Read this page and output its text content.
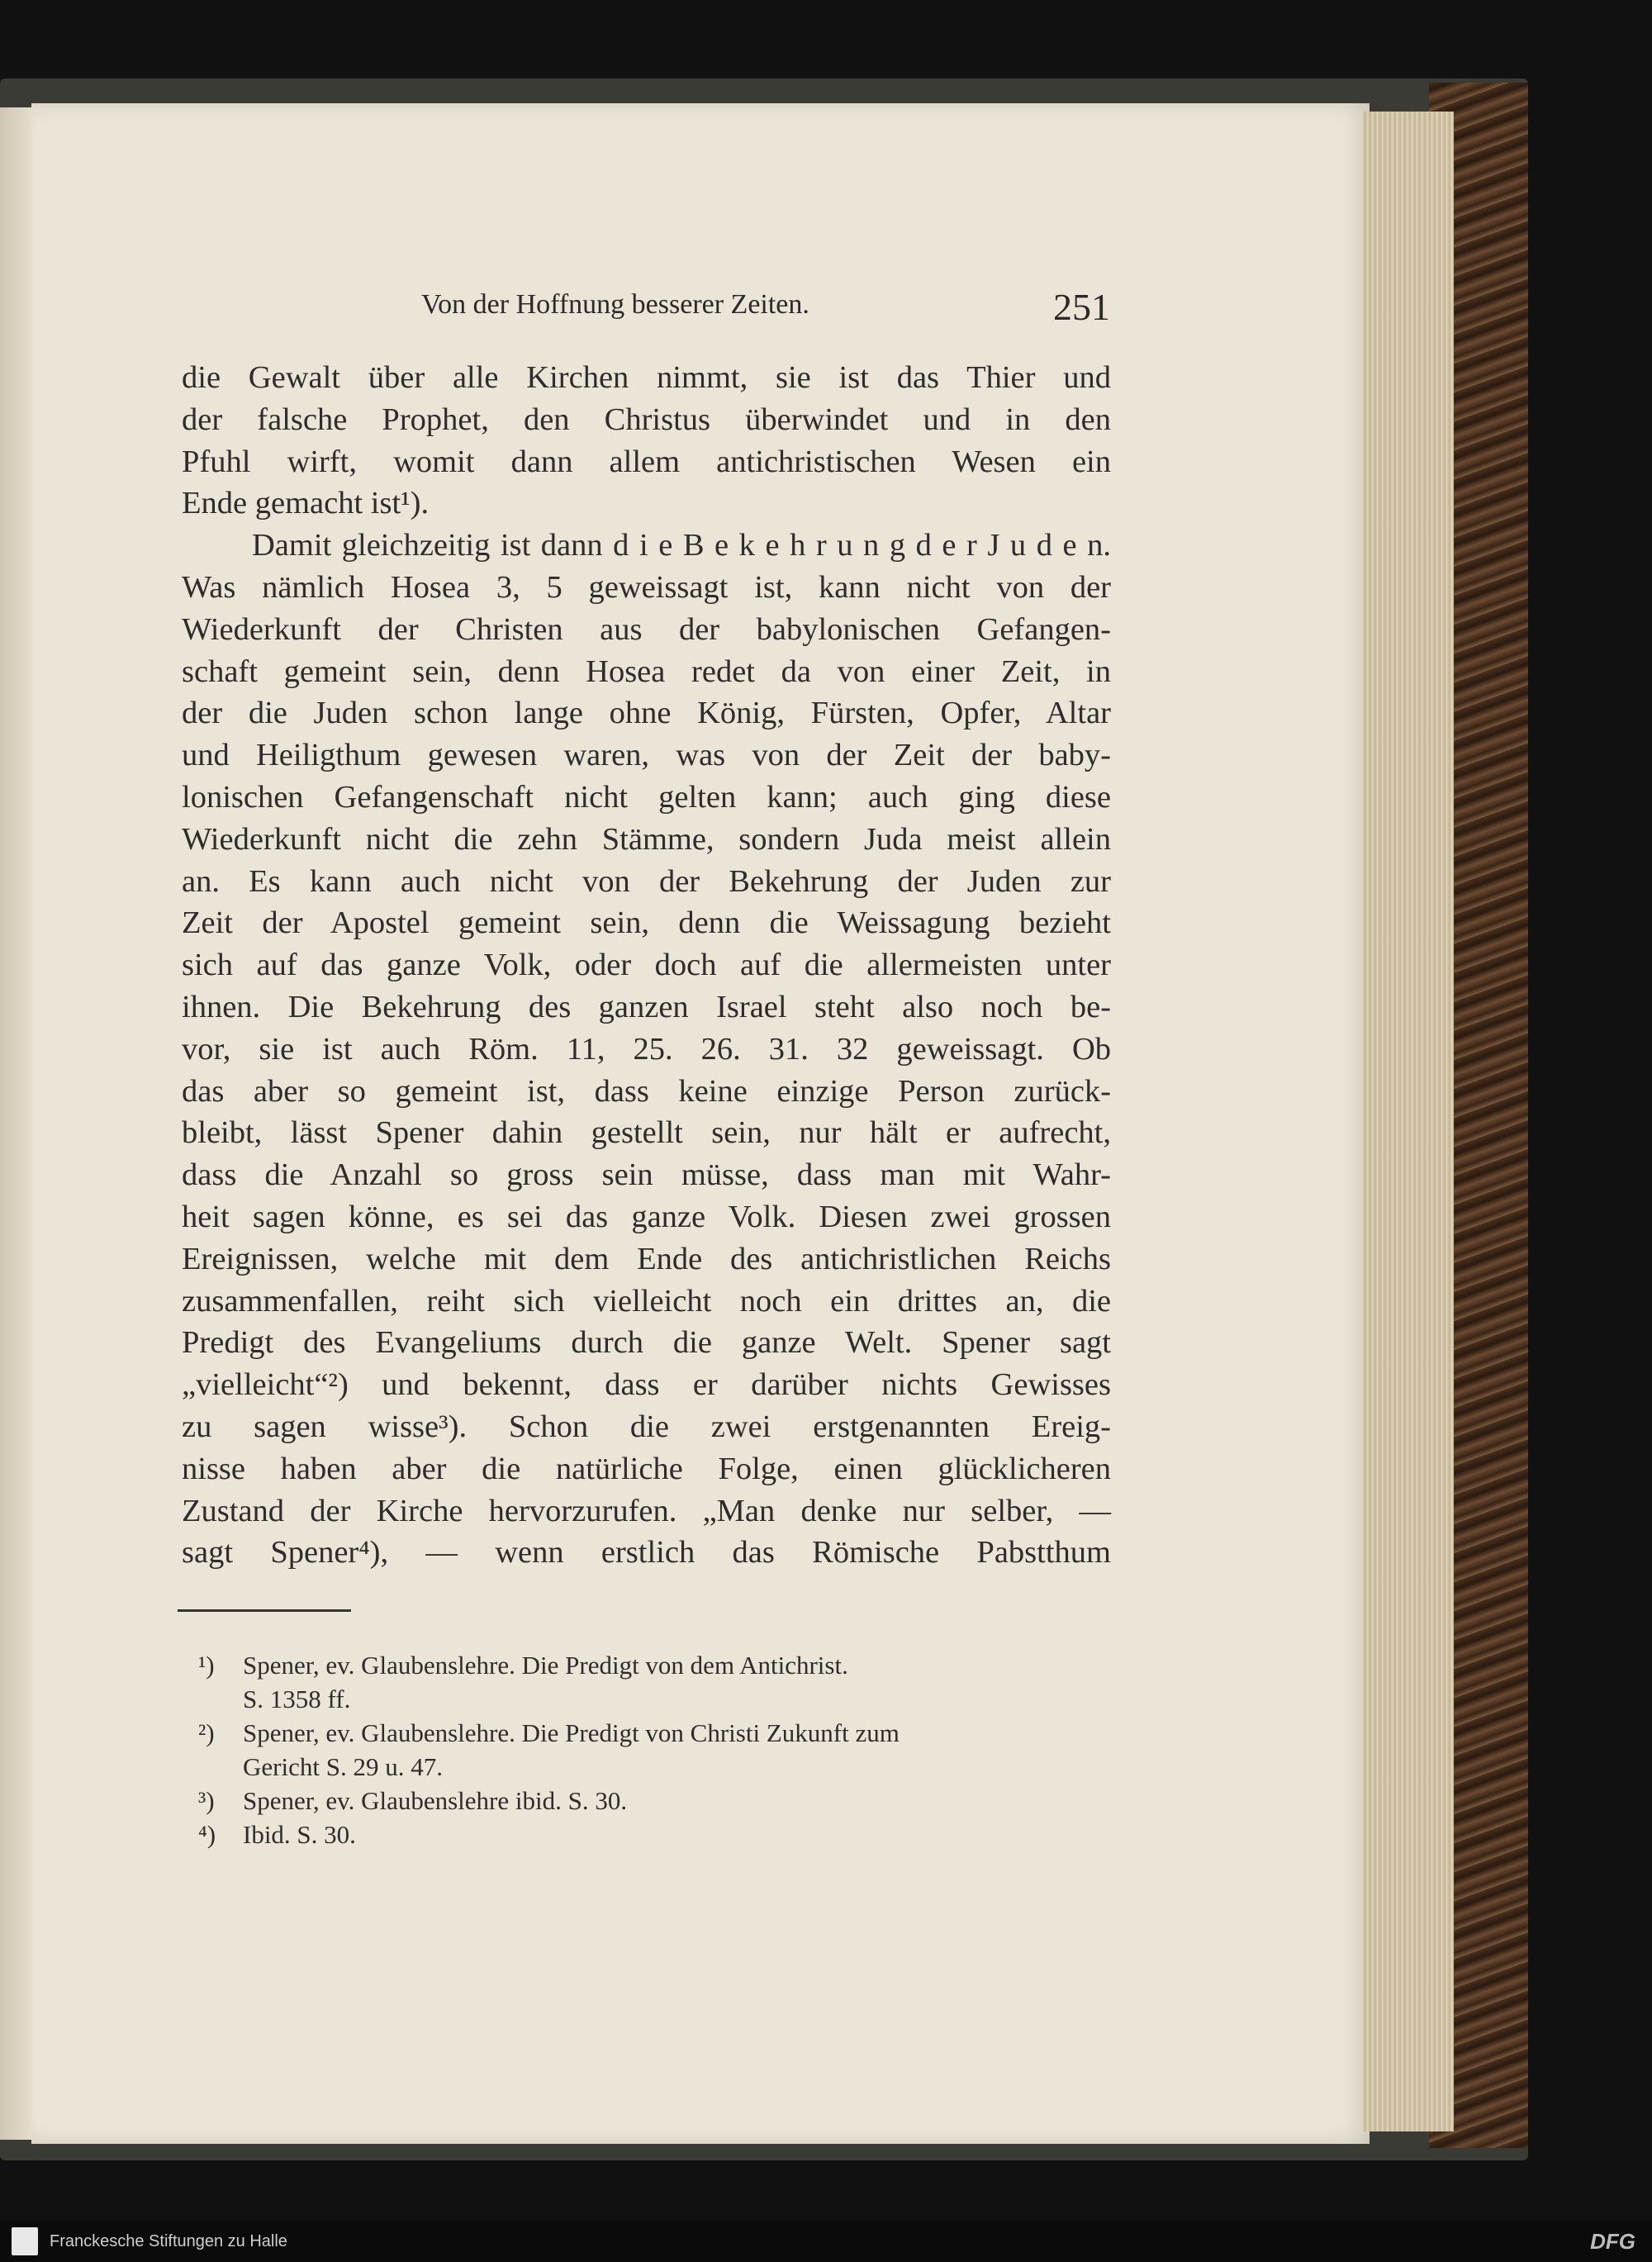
Von der Hoffnung besserer Zeiten.	251
die Gewalt über alle Kirchen nimmt, sie ist das Thier und
der falsche Prophet, den Christus überwindet und in den
Pfuhl wirft, womit dann allem antichristischen Wesen ein
Ende gemacht ist¹).
Damit gleichzeitig ist dann d i e B e k e h r u n g d e r J u d e n.
Was nämlich Hosea 3, 5 geweissagt ist, kann nicht von der
Wiederkunft der Christen aus der babylonischen Gefangen-
schaft gemeint sein, denn Hosea redet da von einer Zeit, in
der die Juden schon lange ohne König, Fürsten, Opfer, Altar
und Heiligthum gewesen waren, was von der Zeit der baby-
lonischen Gefangenschaft nicht gelten kann; auch ging diese
Wiederkunft nicht die zehn Stämme, sondern Juda meist allein
an. Es kann auch nicht von der Bekehrung der Juden zur
Zeit der Apostel gemeint sein, denn die Weissagung bezieht
sich auf das ganze Volk, oder doch auf die allermeisten unter
ihnen. Die Bekehrung des ganzen Israel steht also noch be-
vor, sie ist auch Röm. 11, 25. 26. 31. 32 geweissagt. Ob
das aber so gemeint ist, dass keine einzige Person zurück-
bleibt, lässt Spener dahin gestellt sein, nur hält er aufrecht,
dass die Anzahl so gross sein müsse, dass man mit Wahr-
heit sagen könne, es sei das ganze Volk. Diesen zwei grossen
Ereignissen, welche mit dem Ende des antichristlichen Reichs
zusammenfallen, reiht sich vielleicht noch ein drittes an, die
Predigt des Evangeliums durch die ganze Welt. Spener sagt
„vielleicht“²) und bekennt, dass er darüber nichts Gewisses
zu sagen wisse³). Schon die zwei erstgenannten Ereig-
nisse haben aber die natürliche Folge, einen glücklicheren
Zustand der Kirche hervorzurufen. „Man denke nur selber, —
sagt Spener⁴), — wenn erstlich das Römische Pabstthum
¹) Spener, ev. Glaubenslehre. Die Predigt von dem Antichrist.
S. 1358 ff.
²) Spener, ev. Glaubenslehre. Die Predigt von Christi Zukunft zum
Gericht S. 29 u. 47.
³) Spener, ev. Glaubenslehre ibid. S. 30.
⁴) Ibid. S. 30.
Franckesche Stiftungen zu Halle	DFG
